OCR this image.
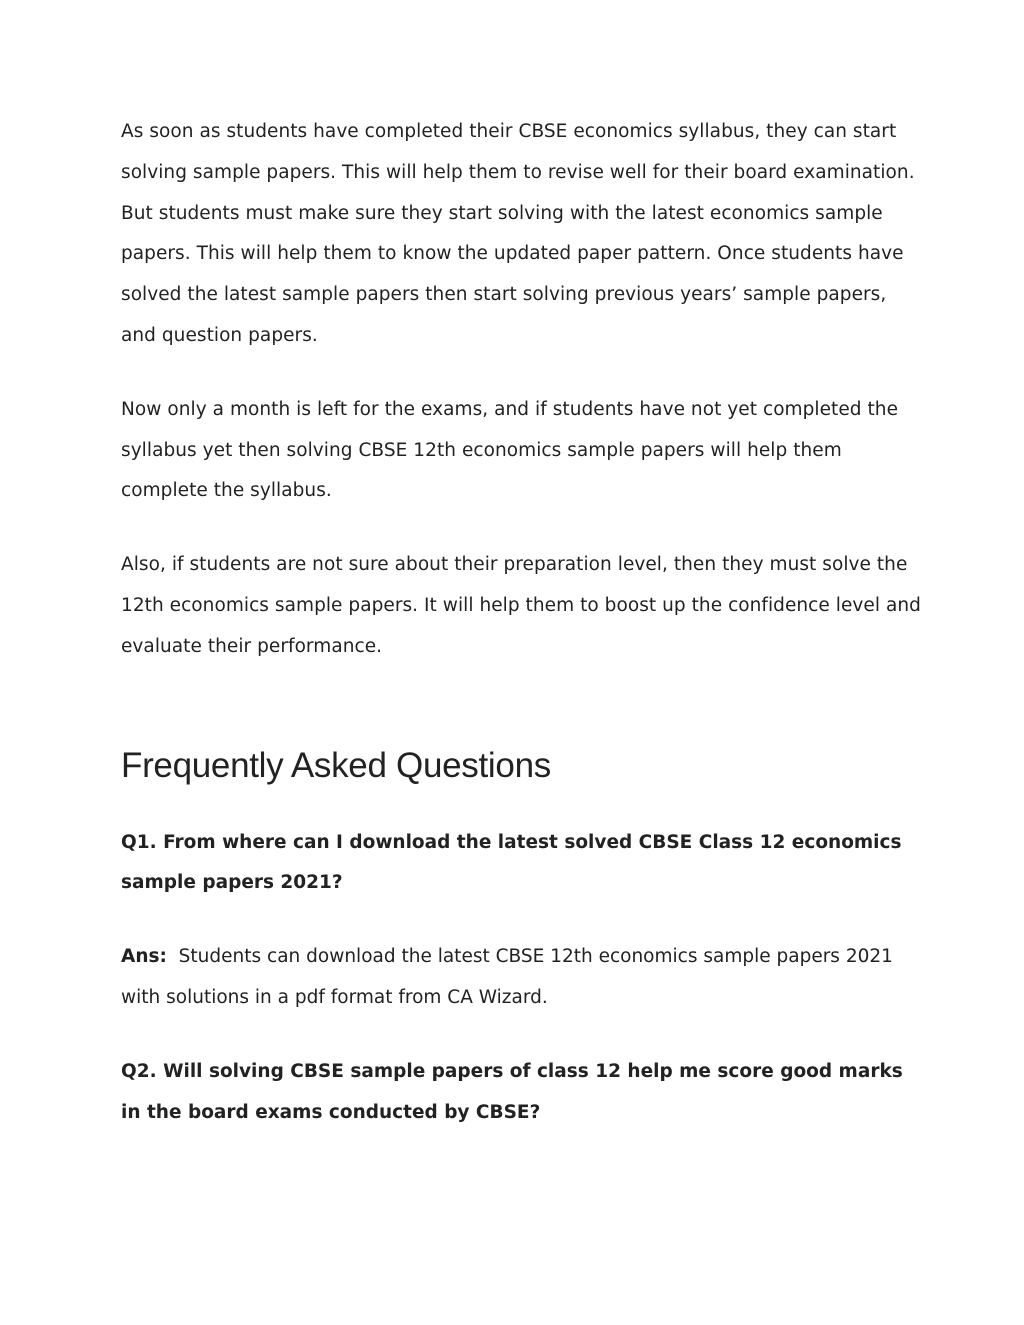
As soon as students have completed their CBSE economics syllabus, they can start solving sample papers. This will help them to revise well for their board examination. But students must make sure they start solving with the latest economics sample papers. This will help them to know the updated paper pattern. Once students have solved the latest sample papers then start solving previous years’ sample papers, and question papers.

Now only a month is left for the exams, and if students have not yet completed the syllabus yet then solving CBSE 12th economics sample papers will help them complete the syllabus.

Also, if students are not sure about their preparation level, then they must solve the 12th economics sample papers. It will help them to boost up the confidence level and evaluate their performance.

Frequently Asked Questions

Q1. From where can I download the latest solved CBSE Class 12 economics sample papers 2021?

Ans: Students can download the latest CBSE 12th economics sample papers 2021 with solutions in a pdf format from CA Wizard.

Q2. Will solving CBSE sample papers of class 12 help me score good marks in the board exams conducted by CBSE?
